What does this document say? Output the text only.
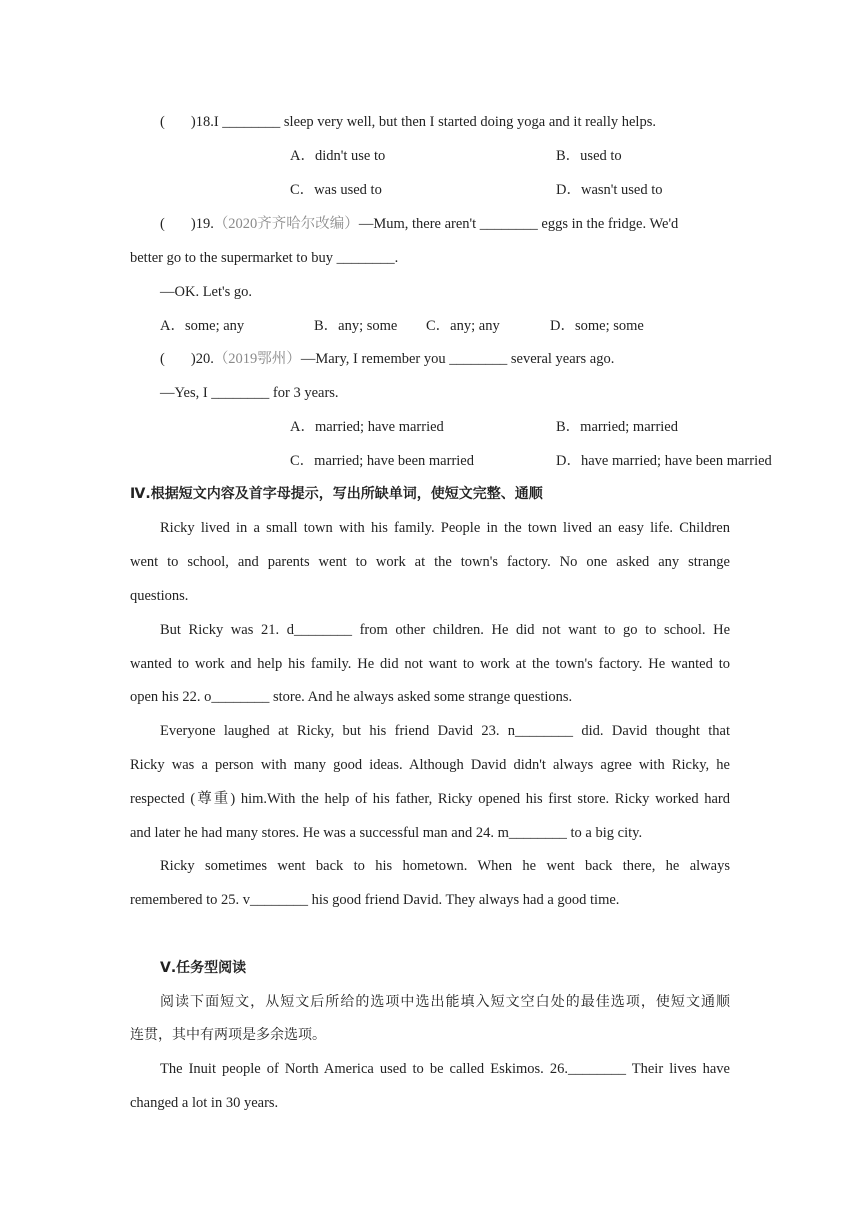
( )18.I ________ sleep very well, but then I started doing yoga and it really helps.
A．didn't use to	B．used to
C．was used to	D．wasn't used to
( )19.（2020齐齐哈尔改编）—Mum, there aren't ________ eggs in the fridge. We'd
better go to the supermarket to buy ________.
—OK. Let's go.
A．some; any	B．any; some C．any; any	D．some; some
( )20.（2019鄂州）—Mary, I remember you ________ several years ago.
—Yes, I ________ for 3 years.
A．married; have married	B．married; married
C．married; have been married	D．have married; have been married
Ⅳ.根据短文内容及首字母提示，写出所缺单词，使短文完整、通顺
Ricky lived in a small town with his family. People in the town lived an easy life. Children
went to school, and parents went to work at the town's factory. No one asked any strange
questions.
But Ricky was 21. d________ from other children. He did not want to go to school. He
wanted to work and help his family. He did not want to work at the town's factory. He wanted to
open his 22. o________ store. And he always asked some strange questions.
Everyone laughed at Ricky, but his friend David 23. n________ did. David thought that
Ricky was a person with many good ideas. Although David didn't always agree with Ricky, he
respected (尊重) him.With the help of his father, Ricky opened his first store. Ricky worked hard
and later he had many stores. He was a successful man and 24. m________ to a big city.
Ricky sometimes went back to his hometown. When he went back there, he always
remembered to 25. v________ his good friend David. They always had a good time.
Ⅴ.任务型阅读
阅读下面短文，从短文后所给的选项中选出能填入短文空白处的最佳选项，使短文通顺
连贯，其中有两项是多余选项。
The Inuit people of North America used to be called Eskimos. 26.________ Their lives have
changed a lot in 30 years.
